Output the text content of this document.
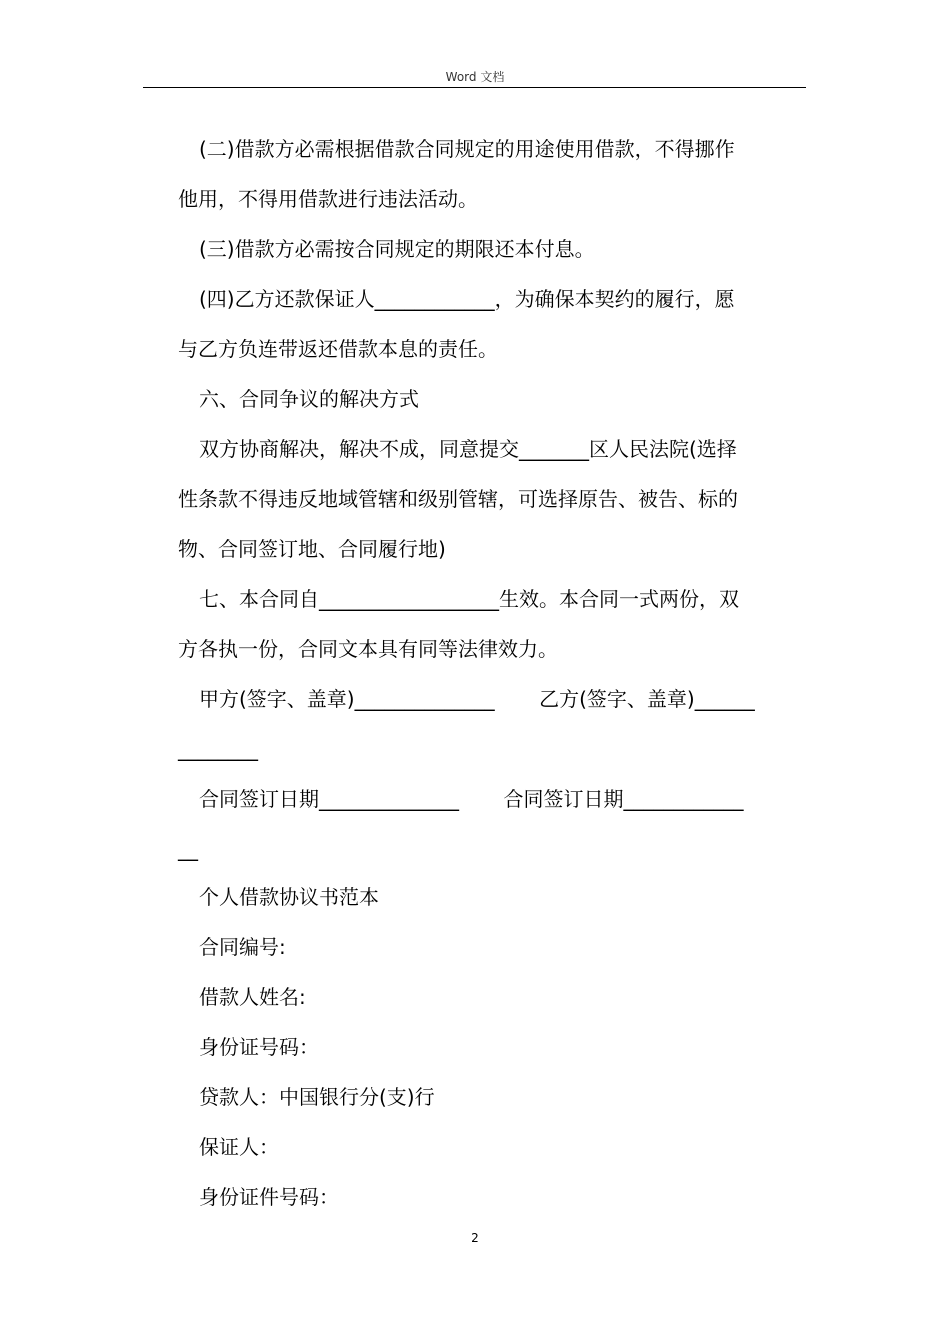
Word 文档
(二)借款方必需根据借款合同规定的用途使用借款，不得挪作
他用，不得用借款进行违法活动。
(三)借款方必需按合同规定的期限还本付息。
(四)乙方还款保证人____________，为确保本契约的履行，愿
与乙方负连带返还借款本息的责任。
六、合同争议的解决方式
双方协商解决，解决不成，同意提交_______区人民法院(选择
性条款不得违反地域管辖和级别管辖，可选择原告、被告、标的
物、合同签订地、合同履行地)
七、本合同自__________________生效。本合同一式两份，双
方各执一份，合同文本具有同等法律效力。
甲方(签字、盖章)______________       乙方(签字、盖章)______
________
合同签订日期______________       合同签订日期____________
__
个人借款协议书范本
合同编号:
借款人姓名:
身份证号码：
贷款人：中国银行分(支)行
保证人：
身份证件号码：
2
